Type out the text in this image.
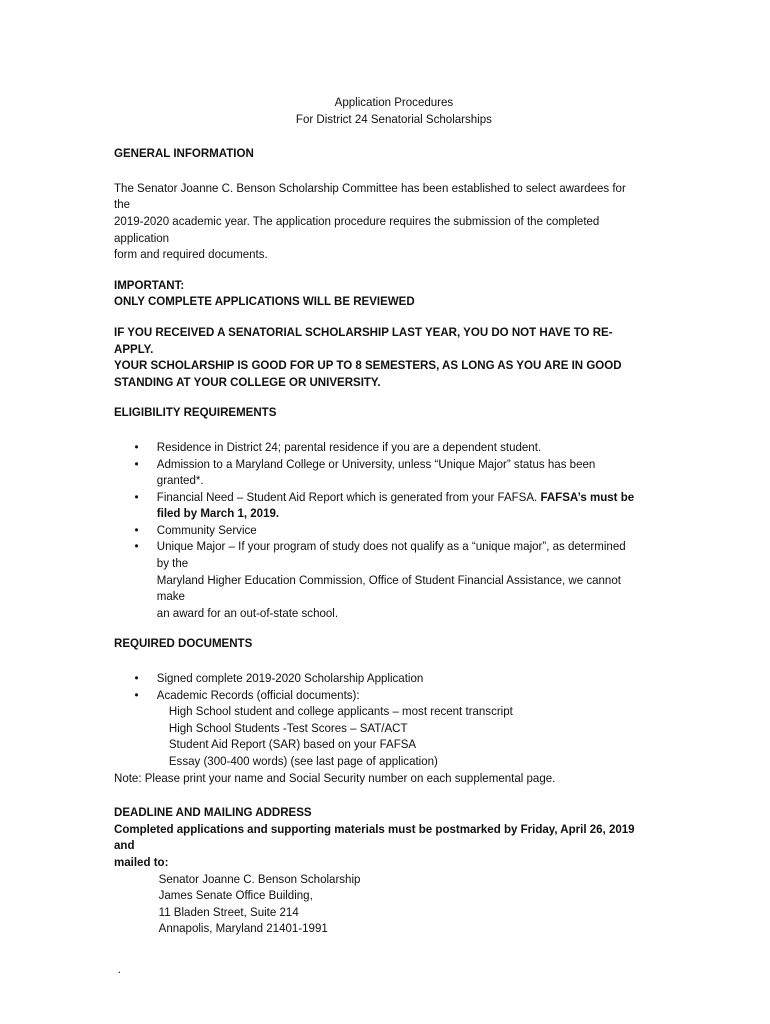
Application Procedures

For District 24 Senatorial Scholarships

GENERAL INFORMATION

The Senator Joanne C. Benson Scholarship Committee has been established to select awardees for the

2019-2020 academic year. The application procedure requires the submission of the completed application

form and required documents.

IMPORTANT:

ONLY COMPLETE APPLICATIONS WILL BE REVIEWED

IF YOU RECEIVED A SENATORIAL SCHOLARSHIP LAST YEAR, YOU DO NOT HAVE TO RE-APPLY.

YOUR SCHOLARSHIP IS GOOD FOR UP TO 8 SEMESTERS, AS LONG AS YOU ARE IN GOOD

STANDING AT YOUR COLLEGE OR UNIVERSITY.

ELIGIBILITY REQUIREMENTS

• Residence in District 24; parental residence if you are a dependent student.
• Admission to a Maryland College or University, unless “Unique Major” status has been granted*.
• Financial Need – Student Aid Report which is generated from your FAFSA. FAFSA’s must be
filed by March 1, 2019.
• Community Service
• Unique Major – If your program of study does not qualify as a “unique major”, as determined by the
Maryland Higher Education Commission, Office of Student Financial Assistance, we cannot make
an award for an out-of-state school.

REQUIRED DOCUMENTS

• Signed complete 2019-2020 Scholarship Application
• Academic Records (official documents):

High School student and college applicants – most recent transcript

High School Students -Test Scores – SAT/ACT

Student Aid Report (SAR) based on your FAFSA

Essay (300-400 words) (see last page of application)

Note: Please print your name and Social Security number on each supplemental page.

DEADLINE AND MAILING ADDRESS

Completed applications and supporting materials must be postmarked by Friday, April 26, 2019 and

mailed to:

Senator Joanne C. Benson Scholarship

James Senate Office Building,

11 Bladen Street, Suite 214

Annapolis, Maryland 21401-1991

.
